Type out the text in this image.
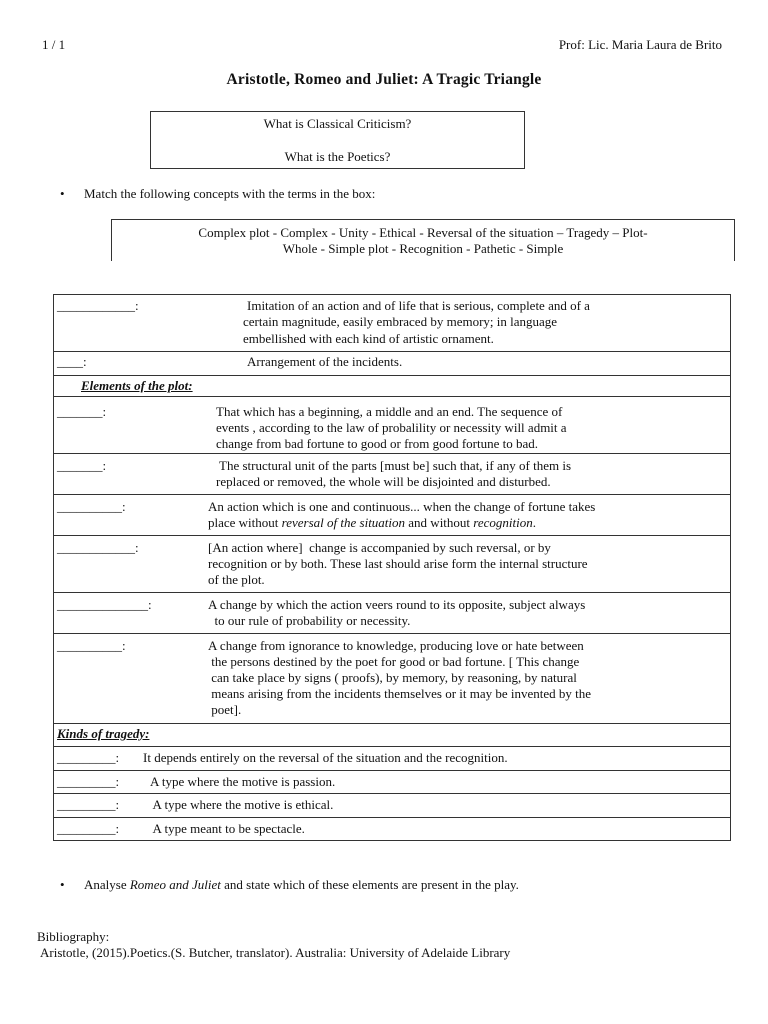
1 / 1	Prof: Lic. Maria Laura de Brito
Aristotle, Romeo and Juliet: A Tragic Triangle
What is Classical Criticism?
What is the Poetics?
• Match the following concepts with the terms in the box:
Complex plot - Complex - Unity - Ethical - Reversal of the situation – Tragedy – Plot-
Whole - Simple plot - Recognition - Pathetic - Simple
____________:	Imitation of an action and of life that is serious, complete and of a
certain magnitude, easily embraced by memory; in language
embellished with each kind of artistic ornament.

____:	Arrangement of the incidents.

Elements of the plot:

_______:	That which has a beginning, a middle and an end. The sequence of
events , according to the law of probalility or necessity will admit a
change from bad fortune to good or from good fortune to bad.

_______:	The structural unit of the parts [must be] such that, if any of them is
replaced or removed, the whole will be disjointed and disturbed.

__________:	An action which is one and continuous... when the change of fortune takes
place without reversal of the situation and without recognition.

____________:	[An action where]  change is accompanied by such reversal, or by
recognition or by both. These last should arise form the internal structure
of the plot.

______________:	A change by which the action veers round to its opposite, subject always
to our rule of probability or necessity.

__________:	A change from ignorance to knowledge, producing love or hate between
the persons destined by the poet for good or bad fortune. [ This change
can take place by signs ( proofs), by memory, by reasoning, by natural
means arising from the incidents themselves or it may be invented by the
poet].

Kinds of tragedy:

_________: It depends entirely on the reversal of the situation and the recognition.

_________: A type where the motive is passion.

_________: A type where the motive is ethical.

_________: A type meant to be spectacle.
• Analyse Romeo and Juliet and state which of these elements are present in the play.
Bibliography:
Aristotle, (2015).Poetics.(S. Butcher, translator). Australia: University of Adelaide Library
